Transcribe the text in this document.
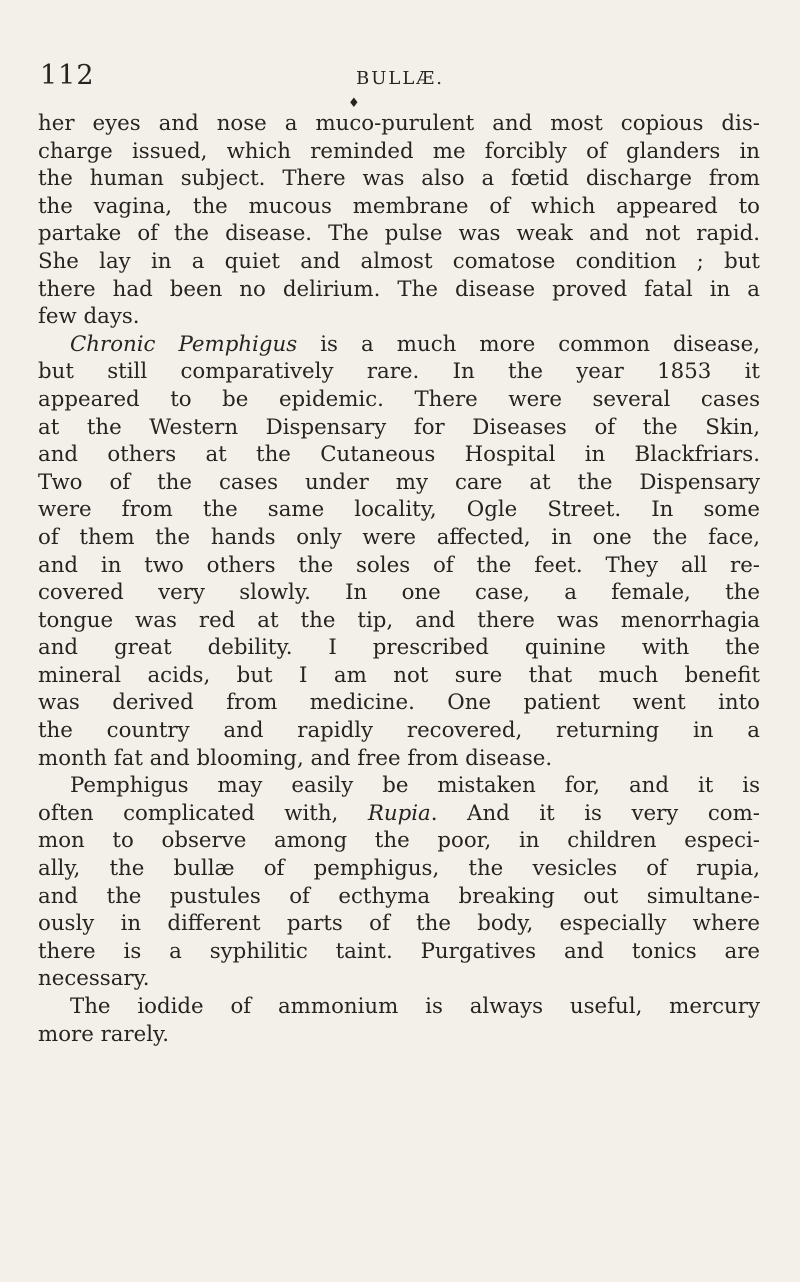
112	BULLÆ.
♦

her eyes and nose a muco-purulent and most copious dis-

charge issued, which reminded me forcibly of glanders in

the human subject. There was also a fœtid discharge from

the vagina, the mucous membrane of which appeared to

partake of the disease. The pulse was weak and not rapid.

She lay in a quiet and almost comatose condition ; but

there had been no delirium. The disease proved fatal in a

few days.

Chronic Pemphigus is a much more common disease,

but still comparatively rare. In the year 1853 it

appeared to be epidemic. There were several cases

at the Western Dispensary for Diseases of the Skin,

and others at the Cutaneous Hospital in Blackfriars.

Two of the cases under my care at the Dispensary

were from the same locality, Ogle Street. In some

of them the hands only were affected, in one the face,

and in two others the soles of the feet. They all re-

covered very slowly. In one case, a female, the

tongue was red at the tip, and there was menorrhagia

and great debility. I prescribed quinine with the

mineral acids, but I am not sure that much benefit

was derived from medicine. One patient went into

the country and rapidly recovered, returning in a

month fat and blooming, and free from disease.

Pemphigus may easily be mistaken for, and it is

often complicated with, Rupia. And it is very com-

mon to observe among the poor, in children especi-

ally, the bullæ of pemphigus, the vesicles of rupia,

and the pustules of ecthyma breaking out simultane-

ously in different parts of the body, especially where

there is a syphilitic taint. Purgatives and tonics are

necessary.

The iodide of ammonium is always useful, mercury

more rarely.
